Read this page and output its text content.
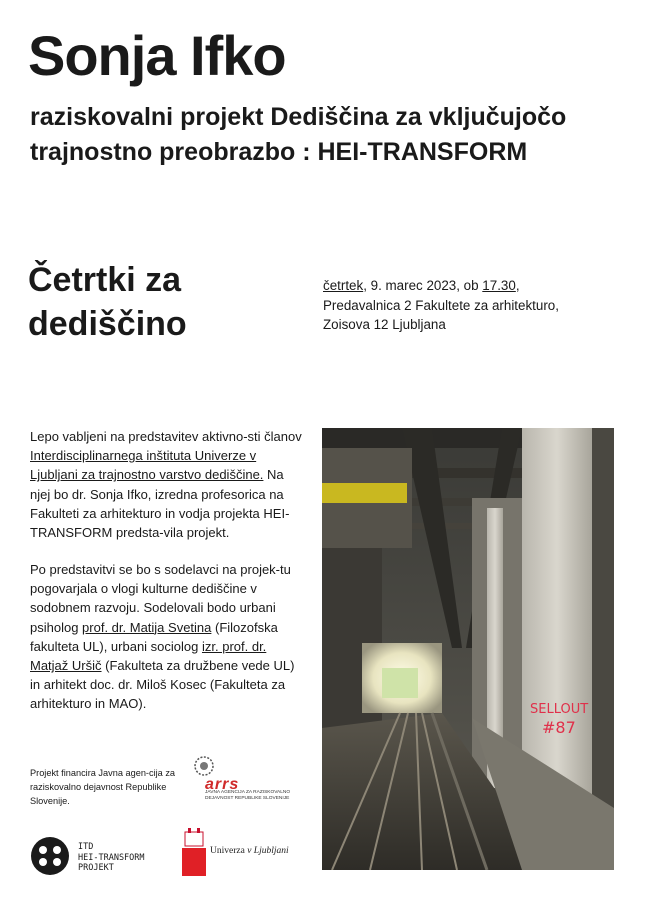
Sonja Ifko
raziskovalni projekt Dediščina za vključujočo trajnostno preobrazbo : HEI-TRANSFORM
Četrtki za
dediščino
četrtek, 9. marec 2023, ob 17.30,
Predavalnica 2 Fakultete za arhitekturo,
Zoisova 12 Ljubljana
Lepo vabljeni na predstavitev aktivno-sti članov Interdisciplinarnega inštituta Univerze v Ljubljani za trajnostno varstvo dediščine. Na njej bo dr. Sonja Ifko, izredna profesorica na Fakulteti za arhitekturo in vodja projekta HEI-TRANSFORM predsta-vila projekt.
Po predstavitvi se bo s sodelavci na projek-tu pogovarjala o vlogi kulturne dediščine v sodobnem razvoju. Sodelovali bodo urbani psiholog prof. dr. Matija Svetina (Filozofska fakulteta UL), urbani sociolog izr. prof. dr. Matjaž Uršič (Fakulteta za družbene vede UL) in arhitekt doc. dr. Miloš Kosec (Fakulteta za arhitekturo in MAO).	SELLOUT
#87
Projekt financira Javna agen-cija za raziskovalno dejavnost Republike Slovenije.
arrs
JAVNA AGENCIJA ZA RAZISKOVALNO DEJAVNOST REPUBLIKE SLOVENIJE
ITD
HEI-TRANSFORM
PROJEKT
Univerza v Ljubljani
